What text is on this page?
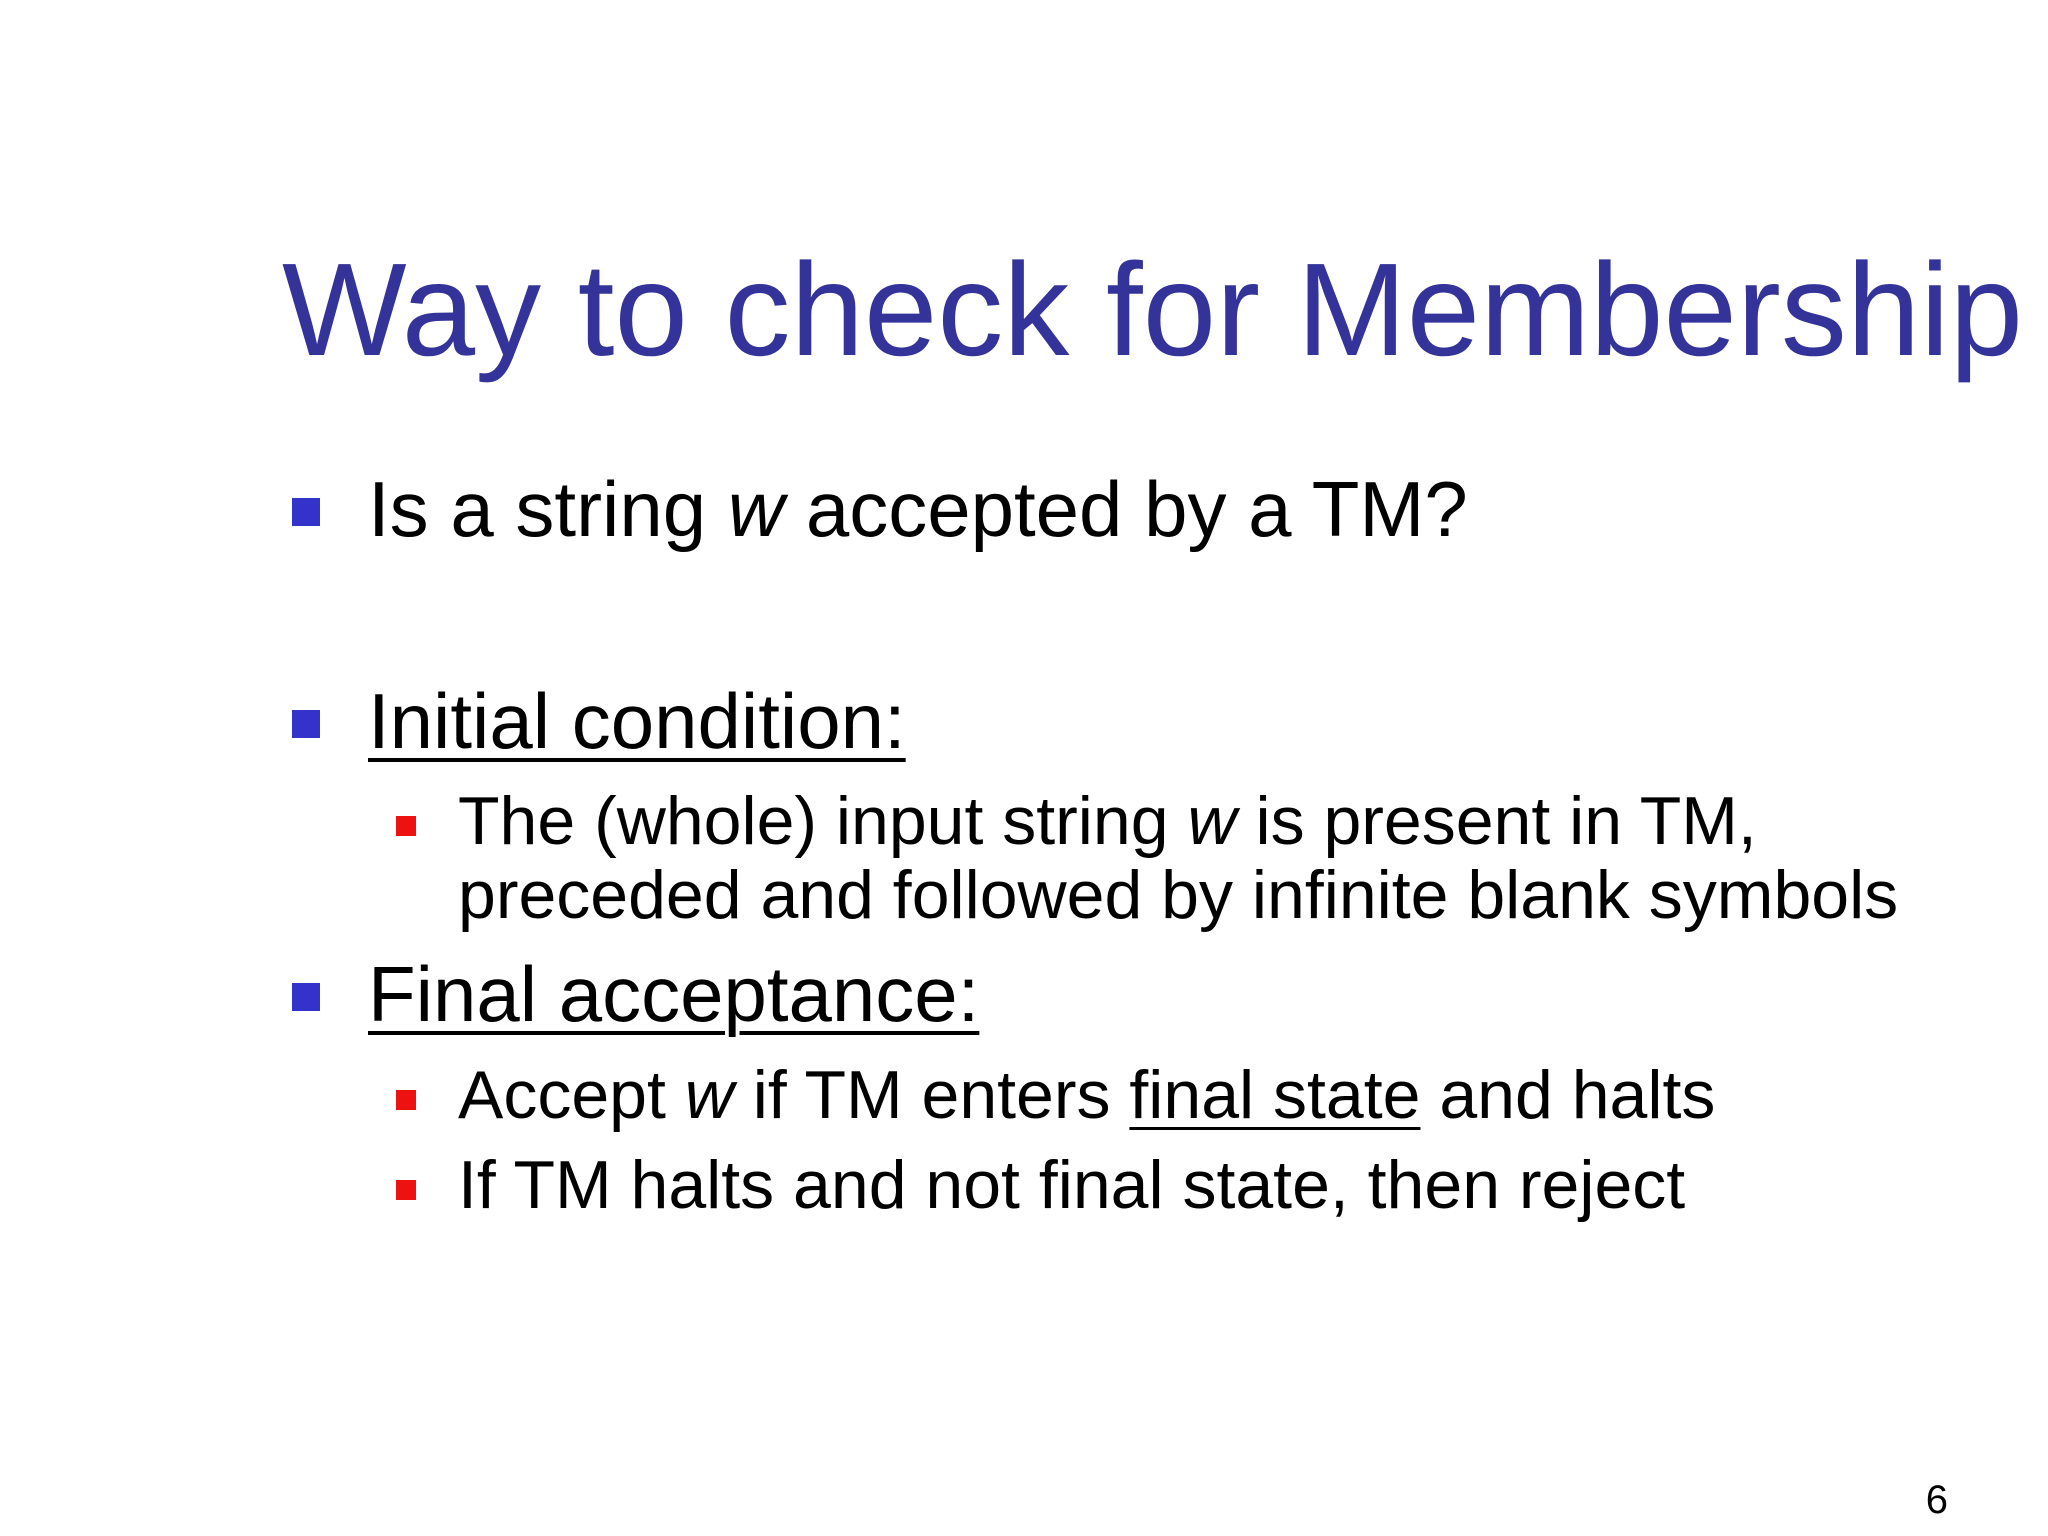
Way to check for Membership

Is a string w accepted by a TM?

Initial condition:

The (whole) input string w is present in TM,
preceded and followed by infinite blank symbols

Final acceptance:

Accept w if TM enters final state and halts

If TM halts and not final state, then reject

6
